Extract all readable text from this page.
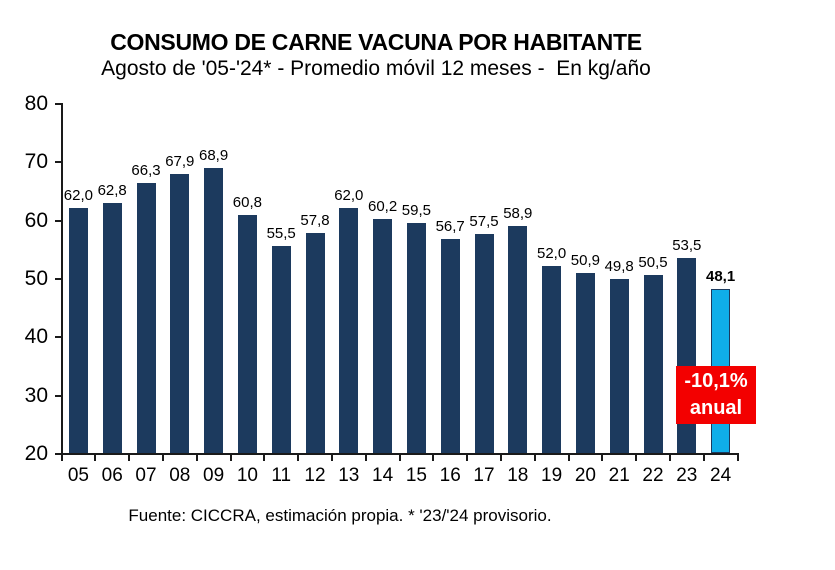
CONSUMO DE CARNE VACUNA POR HABITANTE
Agosto de '05-'24* - Promedio móvil 12 meses -  En kg/año
20
30
40
50
60
70
80
62,0
05
62,8
06
66,3
07
67,9
08
68,9
09
60,8
10
55,5
11
57,8
12
62,0
13
60,2
14
59,5
15
56,7
16
57,5
17
58,9
18
52,0
19
50,9
20
49,8
21
50,5
22
53,5
23
48,1
24
-10,1%
anual
Fuente: CICCRA, estimación propia. * '23/'24 provisorio.
